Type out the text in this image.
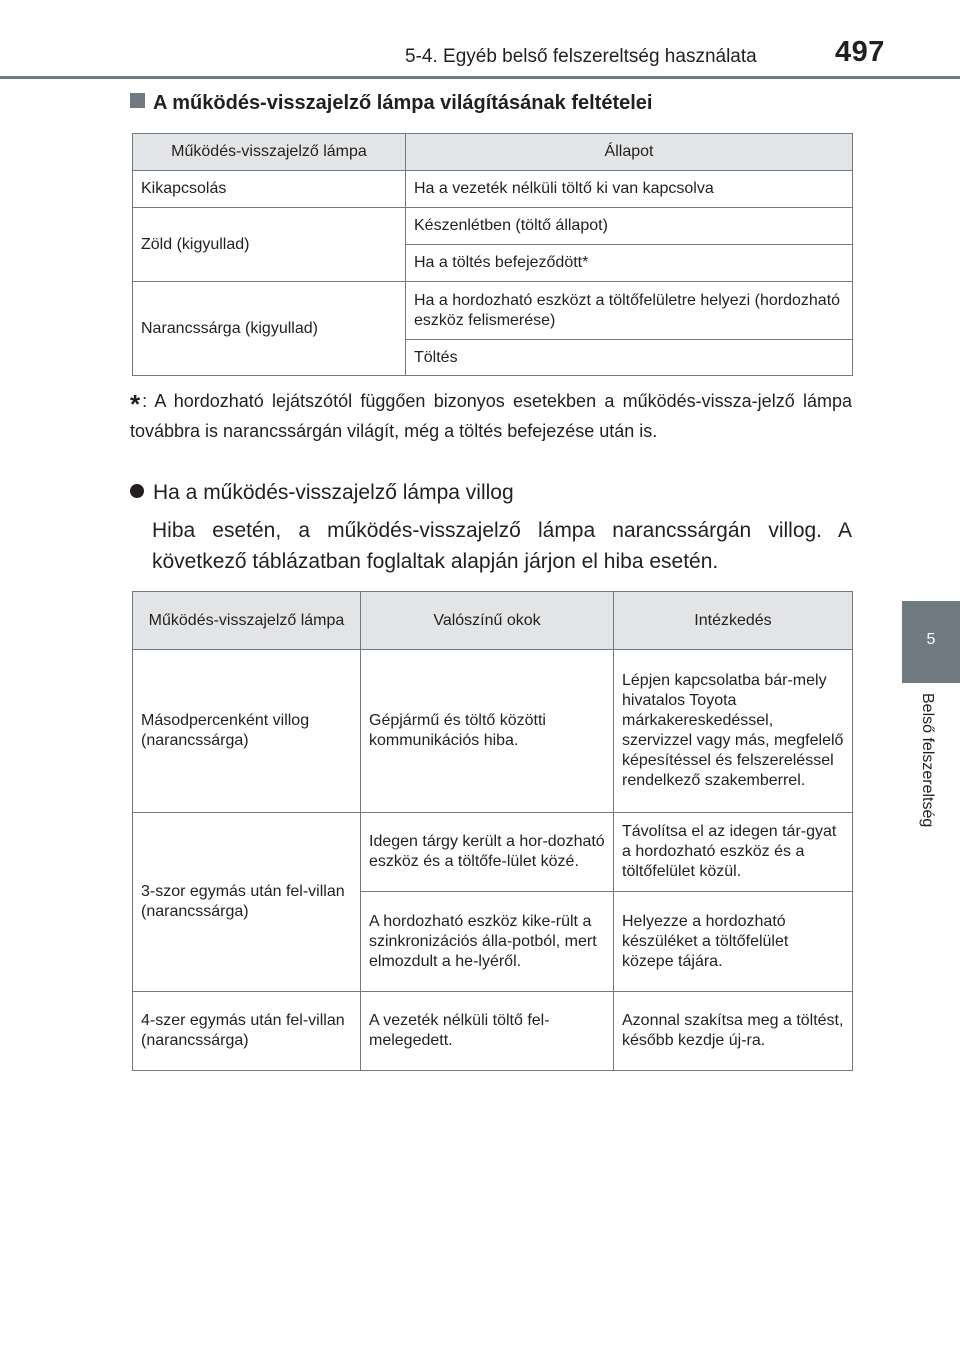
5-4. Egyéb belső felszereltség használata	497
5
Belső felszereltség
A működés-visszajelző lámpa világításának feltételei
Működés-visszajelző lámpa	Állapot
Kikapcsolás	Ha a vezeték nélküli töltő ki van kapcsolva
Zöld (kigyullad)	Készenlétben (töltő állapot)
	Ha a töltés befejeződött*
Narancssárga (kigyullad)	Ha a hordozható eszközt a töltőfelületre helyezi (hordozható eszköz felismerése)
	Töltés
* : A hordozható lejátszótól függően bizonyos esetekben a működés-vissza-jelző lámpa továbbra is narancssárgán világít, még a töltés befejezése után is.
Ha a működés-visszajelző lámpa villog
Hiba esetén, a működés-visszajelző lámpa narancssárgán villog. A következő táblázatban foglaltak alapján járjon el hiba esetén.
Működés-visszajelző lámpa	Valószínű okok	Intézkedés
Másodpercenként villog (narancssárga)	Gépjármű és töltő közötti kommunikációs hiba.	Lépjen kapcsolatba bár-mely hivatalos Toyota márkakereskedéssel, szervizzel vagy más, megfelelő képesítéssel és felszereléssel rendelkező szakemberrel.
3-szor egymás után fel-villan (narancssárga)	Idegen tárgy került a hor-dozható eszköz és a töltőfe-lület közé.	Távolítsa el az idegen tár-gyat a hordozható eszköz és a töltőfelület közül.
	A hordozható eszköz kike-rült a szinkronizációs álla-potból, mert elmozdult a he-lyéről.	Helyezze a hordozható készüléket a töltőfelület közepe tájára.
4-szer egymás után fel-villan (narancssárga)	A vezeték nélküli töltő fel-melegedett.	Azonnal szakítsa meg a töltést, később kezdje új-ra.
